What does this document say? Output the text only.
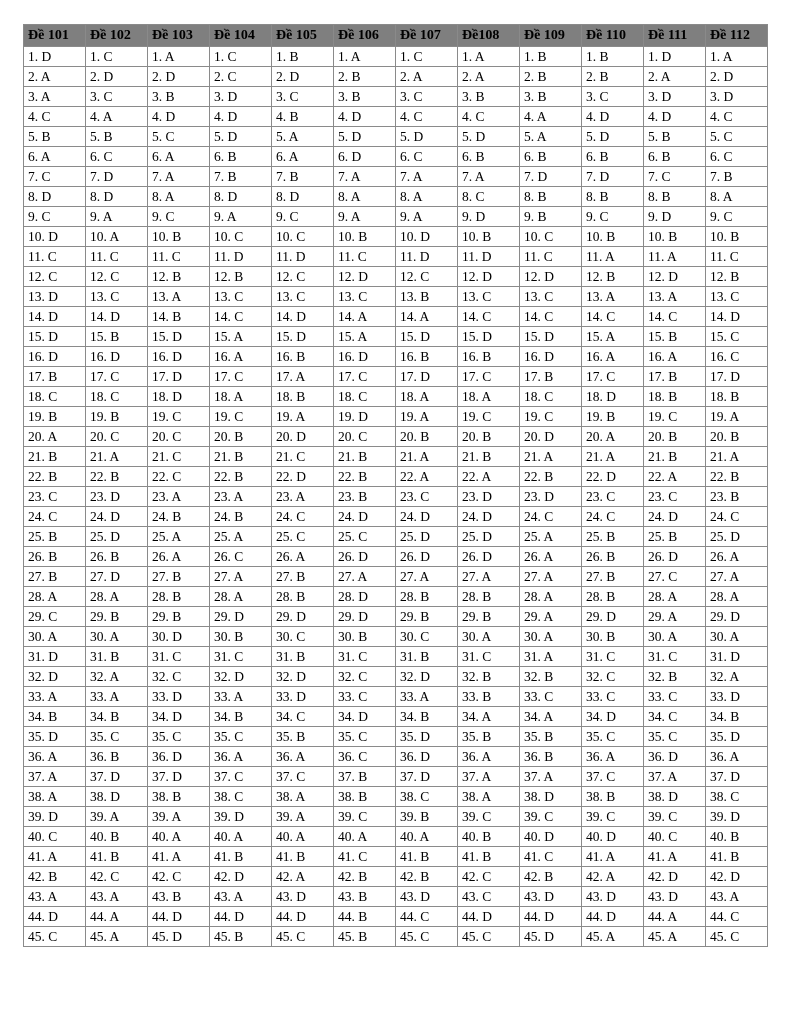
Đề 101	Đề 102	Đề 103	Đề 104	Đề 105	Đề 106	Đề 107	Đề108	Đề 109	Đề 110	Đề 111	Đề 112
1. D	1. C	1. A	1. C	1. B	1. A	1. C	1. A	1. B	1. B	1. D	1. A
2. A	2. D	2. D	2. C	2. D	2. B	2. A	2. A	2. B	2. B	2. A	2. D
3. A	3. C	3. B	3. D	3. C	3. B	3. C	3. B	3. B	3. C	3. D	3. D
4. C	4. A	4. D	4. D	4. B	4. D	4. C	4. C	4. A	4. D	4. D	4. C
5. B	5. B	5. C	5. D	5. A	5. D	5. D	5. D	5. A	5. D	5. B	5. C
6. A	6. C	6. A	6. B	6. A	6. D	6. C	6. B	6. B	6. B	6. B	6. C
7. C	7. D	7. A	7. B	7. B	7. A	7. A	7. A	7. D	7. D	7. C	7. B
8. D	8. D	8. A	8. D	8. D	8. A	8. A	8. C	8. B	8. B	8. B	8. A
9. C	9. A	9. C	9. A	9. C	9. A	9. A	9. D	9. B	9. C	9. D	9. C
10. D	10. A	10. B	10. C	10. C	10. B	10. D	10. B	10. C	10. B	10. B	10. B
11. C	11. C	11. C	11. D	11. D	11. C	11. D	11. D	11. C	11. A	11. A	11. C
12. C	12. C	12. B	12. B	12. C	12. D	12. C	12. D	12. D	12. B	12. D	12. B
13. D	13. C	13. A	13. C	13. C	13. C	13. B	13. C	13. C	13. A	13. A	13. C
14. D	14. D	14. B	14. C	14. D	14. A	14. A	14. C	14. C	14. C	14. C	14. D
15. D	15. B	15. D	15. A	15. D	15. A	15. D	15. D	15. D	15. A	15. B	15. C
16. D	16. D	16. D	16. A	16. B	16. D	16. B	16. B	16. D	16. A	16. A	16. C
17. B	17. C	17. D	17. C	17. A	17. C	17. D	17. C	17. B	17. C	17. B	17. D
18. C	18. C	18. D	18. A	18. B	18. C	18. A	18. A	18. C	18. D	18. B	18. B
19. B	19. B	19. C	19. C	19. A	19. D	19. A	19. C	19. C	19. B	19. C	19. A
20. A	20. C	20. C	20. B	20. D	20. C	20. B	20. B	20. D	20. A	20. B	20. B
21. B	21. A	21. C	21. B	21. C	21. B	21. A	21. B	21. A	21. A	21. B	21. A
22. B	22. B	22. C	22. B	22. D	22. B	22. A	22. A	22. B	22. D	22. A	22. B
23. C	23. D	23. A	23. A	23. A	23. B	23. C	23. D	23. D	23. C	23. C	23. B
24. C	24. D	24. B	24. B	24. C	24. D	24. D	24. D	24. C	24. C	24. D	24. C
25. B	25. D	25. A	25. A	25. C	25. C	25. D	25. D	25. A	25. B	25. B	25. D
26. B	26. B	26. A	26. C	26. A	26. D	26. D	26. D	26. A	26. B	26. D	26. A
27. B	27. D	27. B	27. A	27. B	27. A	27. A	27. A	27. A	27. B	27. C	27. A
28. A	28. A	28. B	28. A	28. B	28. D	28. B	28. B	28. A	28. B	28. A	28. A
29. C	29. B	29. B	29. D	29. D	29. D	29. B	29. B	29. A	29. D	29. A	29. D
30. A	30. A	30. D	30. B	30. C	30. B	30. C	30. A	30. A	30. B	30. A	30. A
31. D	31. B	31. C	31. C	31. B	31. C	31. B	31. C	31. A	31. C	31. C	31. D
32. D	32. A	32. C	32. D	32. D	32. C	32. D	32. B	32. B	32. C	32. B	32. A
33. A	33. A	33. D	33. A	33. D	33. C	33. A	33. B	33. C	33. C	33. C	33. D
34. B	34. B	34. D	34. B	34. C	34. D	34. B	34. A	34. A	34. D	34. C	34. B
35. D	35. C	35. C	35. C	35. B	35. C	35. D	35. B	35. B	35. C	35. C	35. D
36. A	36. B	36. D	36. A	36. A	36. C	36. D	36. A	36. B	36. A	36. D	36. A
37. A	37. D	37. D	37. C	37. C	37. B	37. D	37. A	37. A	37. C	37. A	37. D
38. A	38. D	38. B	38. C	38. A	38. B	38. C	38. A	38. D	38. B	38. D	38. C
39. D	39. A	39. A	39. D	39. A	39. C	39. B	39. C	39. C	39. C	39. C	39. D
40. C	40. B	40. A	40. A	40. A	40. A	40. A	40. B	40. D	40. D	40. C	40. B
41. A	41. B	41. A	41. B	41. B	41. C	41. B	41. B	41. C	41. A	41. A	41. B
42. B	42. C	42. C	42. D	42. A	42. B	42. B	42. C	42. B	42. A	42. D	42. D
43. A	43. A	43. B	43. A	43. D	43. B	43. D	43. C	43. D	43. D	43. D	43. A
44. D	44. A	44. D	44. D	44. D	44. B	44. C	44. D	44. D	44. D	44. A	44. C
45. C	45. A	45. D	45. B	45. C	45. B	45. C	45. C	45. D	45. A	45. A	45. C
